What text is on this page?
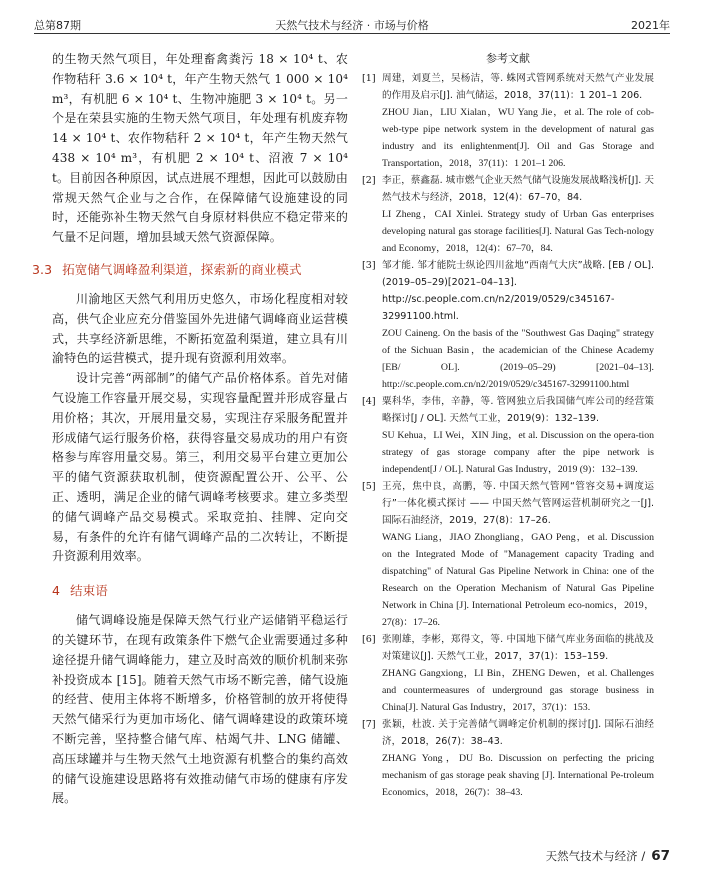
总第87期	天然气技术与经济 · 市场与价格	2021年

的生物天然气项目，年处理畜禽粪污 18 × 10⁴ t、农作物秸秆 3.6 × 10⁴ t，年产生物天然气 1 000 × 10⁴ m³，有机肥 6 × 10⁴ t、生物冲施肥 3 × 10⁴ t。另一个是在荣县实施的生物天然气项目，年处理有机废弃物 14 × 10⁴ t、农作物秸秆 2 × 10⁴ t，年产生物天然气 438 × 10⁴ m³，有机肥 2 × 10⁴ t、沼液 7 × 10⁴ t。目前因各种原因，试点进展不理想，因此可以鼓励由常规天然气企业与之合作，在保障储气设施建设的同时，还能弥补生物天然气自身原材料供应不稳定带来的气量不足问题，增加县域天然气资源保障。

3.3 拓宽储气调峰盈利渠道，探索新的商业模式

川渝地区天然气利用历史悠久，市场化程度相对较高，供气企业应充分借鉴国外先进储气调峰商业运营模式，共享经济新思维，不断拓宽盈利渠道，建立具有川渝特色的运营模式，提升现有资源利用效率。

设计完善“两部制”的储气产品价格体系。首先对储气设施工作容量开展交易，实现容量配置并形成容量占用价格；其次，开展用量交易，实现注存采服务配置并形成储气运行服务价格，获得容量交易成功的用户有资格参与库容用量交易。第三，利用交易平台建立更加公平的储气资源获取机制，使资源配置公开、公平、公正、透明，满足企业的储气调峰考核要求。建立多类型的储气调峰产品交易模式。采取竞拍、挂牌、定向交易，有条件的允许有储气调峰产品的二次转让，不断提升资源利用效率。

4 结束语

储气调峰设施是保障天然气行业产运储销平稳运行的关键环节，在现有政策条件下燃气企业需要通过多种途径提升储气调峰能力，建立及时高效的顺价机制来弥补投资成本 [15]。随着天然气市场不断完善，储气设施的经营、使用主体将不断增多，价格管制的放开将使得天然气储采行为更加市场化、储气调峰建设的政策环境不断完善，坚持整合储气库、枯竭气井、LNG 储罐、高压球罐并与生物天然气土地资源有机整合的集约高效的储气设施建设思路将有效推动储气市场的健康有序发展。

参考文献
[1] 周建，刘夏兰，吴杨洁，等. 蛛网式管网系统对天然气产业发展的作用及启示[J]. 油气储运，2018，37(11)：1 201–1 206.
ZHOU Jian，LIU Xialan，WU Yang Jie，et al. The role of cob-web-type pipe network system in the development of natural gas industry and its enlightenment[J]. Oil and Gas Storage and Transportation，2018，37(11)：1 201–1 206.
[2] 李正，蔡鑫磊. 城市燃气企业天然气储气设施发展战略浅析[J]. 天然气技术与经济，2018，12(4)：67–70，84.
LI Zheng，CAI Xinlei. Strategy study of Urban Gas enterprises developing natural gas storage facilities[J]. Natural Gas Tech-nology and Economy，2018，12(4)：67–70，84.
[3] 邹才能. 邹才能院士纵论四川盆地“西南气大庆”战略. [EB / OL]. (2019–05–29)[2021–04–13]. http://sc.people.com.cn/n2/2019/0529/c345167-32991100.html.
ZOU Caineng. On the basis of the "Southwest Gas Daqing" strategy of the Sichuan Basin，the academician of the Chinese Academy [EB/ OL]. (2019–05–29) [2021–04–13]. http://sc.people.com.cn/n2/2019/0529/c345167-32991100.html
[4] 粟科华，李伟，辛静，等. 管网独立后我国储气库公司的经营策略探讨[J / OL]. 天然气工业，2019(9)：132–139.
SU Kehua，LI Wei，XIN Jing，et al. Discussion on the opera-tion strategy of gas storage company after the pipe network is independent[J / OL]. Natural Gas Industry，2019 (9)：132–139.
[5] 王亮，焦中良，高鹏，等. 中国天然气管网“管容交易+调度运行”一体化模式探讨 —— 中国天然气管网运营机制研究之一[J]. 国际石油经济，2019，27(8)：17–26.
WANG Liang，JIAO Zhongliang，GAO Peng，et al. Discussion on the Integrated Mode of "Management capacity Trading and dispatching" of Natural Gas Pipeline Network in China: one of the Research on the Operation Mechanism of Natural Gas Pipeline Network in China [J]. International Petroleum eco-nomics，2019，27(8)：17–26.
[6] 张刚雄，李彬，郑得文，等. 中国地下储气库业务面临的挑战及对策建议[J]. 天然气工业，2017，37(1)：153–159.
ZHANG Gangxiong，LI Bin，ZHENG Dewen，et al. Challenges and countermeasures of underground gas storage business in China[J]. Natural Gas Industry，2017，37(1)：153.
[7] 张颖，杜波. 关于完善储气调峰定价机制的探讨[J]. 国际石油经济，2018，26(7)：38–43.
ZHANG Yong，DU Bo. Discussion on perfecting the pricing mechanism of gas storage peak shaving [J]. International Pe-troleum Economics，2018，26(7)：38–43.
天然气技术与经济 / 67
